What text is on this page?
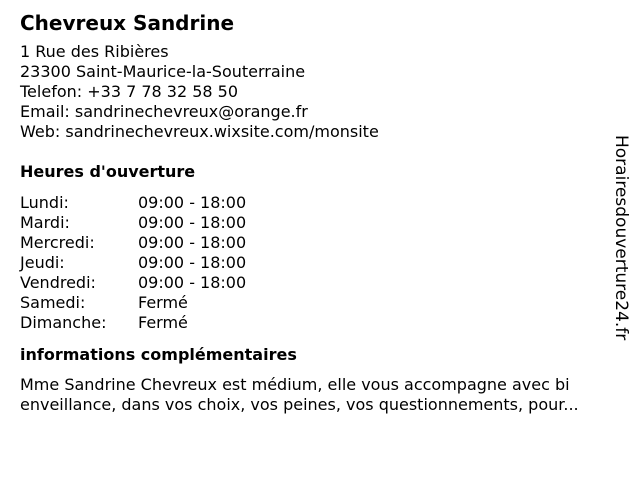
Chevreux Sandrine
1 Rue des Ribières
23300 Saint-Maurice-la-Souterraine
Telefon: +33 7 78 32 58 50
Email: sandrinechevreux@orange.fr
Web: sandrinechevreux.wixsite.com/monsite
Heures d'ouverture
Lundi:	09:00 - 18:00
Mardi:	09:00 - 18:00
Mercredi:	09:00 - 18:00
Jeudi:	09:00 - 18:00
Vendredi:	09:00 - 18:00
Samedi:	Fermé
Dimanche: Fermé
informations complémentaires
Mme Sandrine Chevreux est médium, elle vous accompagne avec bi
enveillance, dans vos choix, vos peines, vos questionnements, pour...
Horairesdouverture24.fr
